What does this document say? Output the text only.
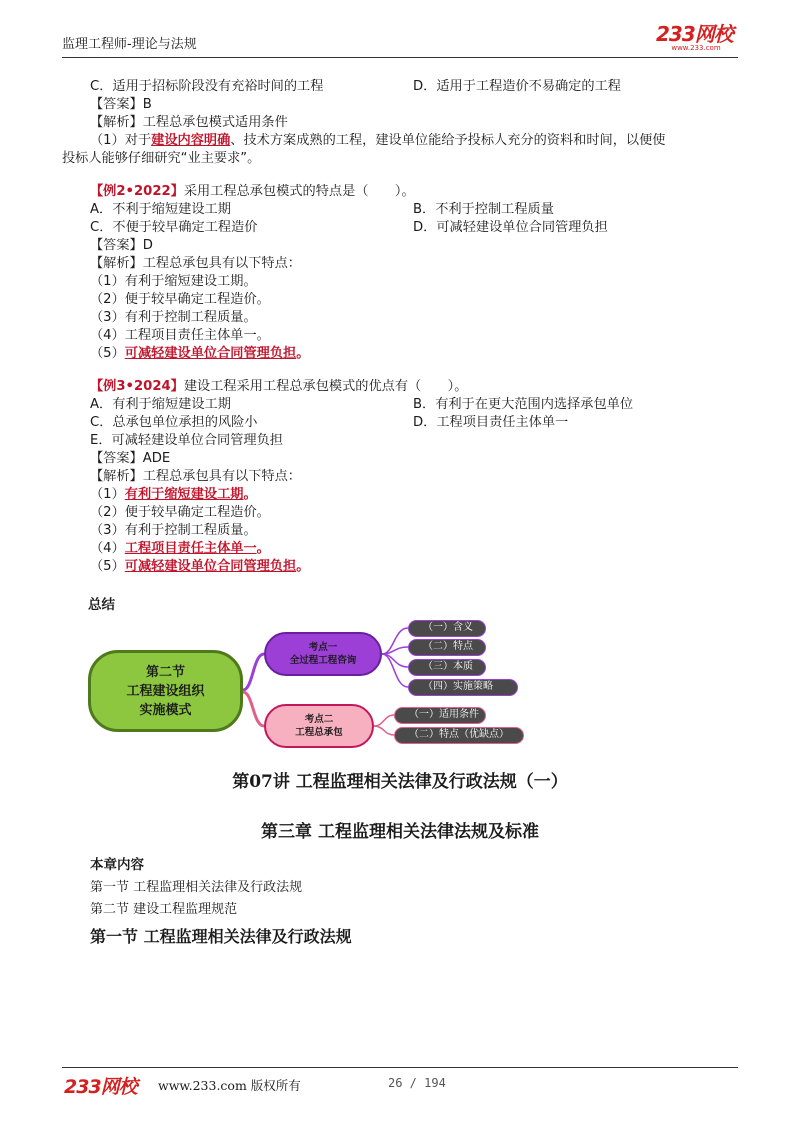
监理工程师-理论与法规	233网校
www.233.com
C．适用于招标阶段没有充裕时间的工程	D．适用于工程造价不易确定的工程
【答案】B
【解析】工程总承包模式适用条件
（1）对于建设内容明确、技术方案成熟的工程，建设单位能给予投标人充分的资料和时间，以便使
投标人能够仔细研究“业主要求”。
【例2•2022】采用工程总承包模式的特点是（　　）。
A．不利于缩短建设工期	B．不利于控制工程质量
C．不便于较早确定工程造价	D．可减轻建设单位合同管理负担
【答案】D
【解析】工程总承包具有以下特点：
（1）有利于缩短建设工期。
（2）便于较早确定工程造价。
（3）有利于控制工程质量。
（4）工程项目责任主体单一。
（5）可减轻建设单位合同管理负担。
【例3•2024】建设工程采用工程总承包模式的优点有（　　）。
A．有利于缩短建设工期	B．有利于在更大范围内选择承包单位
C．总承包单位承担的风险小	D．工程项目责任主体单一
E．可减轻建设单位合同管理负担
【答案】ADE
【解析】工程总承包具有以下特点：
（1）有利于缩短建设工期。
（2）便于较早确定工程造价。
（3）有利于控制工程质量。
（4）工程项目责任主体单一。
（5）可减轻建设单位合同管理负担。
总结
第二节
工程建设组织
实施模式
考点一
全过程工程咨询
考点二
工程总承包
（一）含义
（二）特点
（三）本质
（四）实施策略
（一）适用条件
（二）特点（优缺点）
第07讲 工程监理相关法律及行政法规（一）
第三章 工程监理相关法律法规及标准
本章内容
第一节 工程监理相关法律及行政法规
第二节 建设工程监理规范
第一节 工程监理相关法律及行政法规
233网校 www.233.com 版权所有	26 / 194
